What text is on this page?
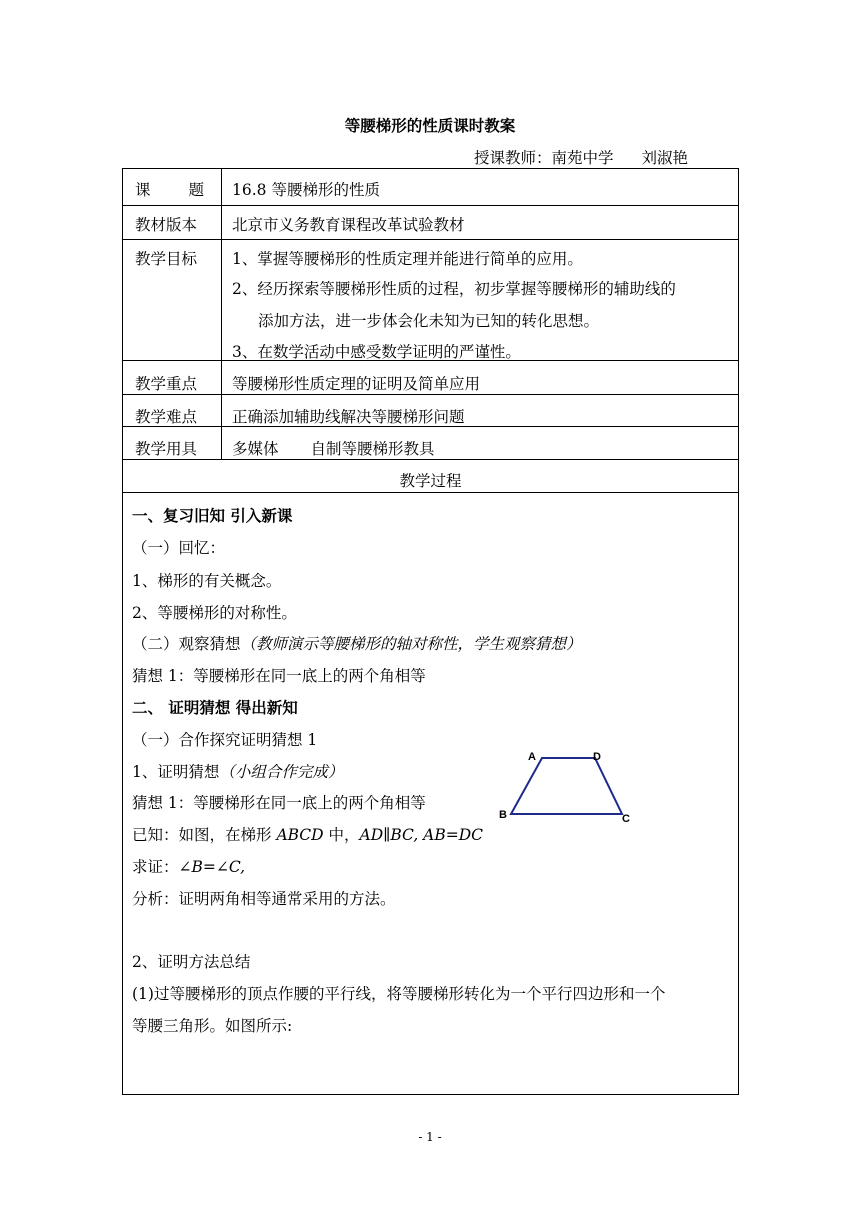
等腰梯形的性质课时教案
授课教师：南苑中学 刘淑艳
课 题 16.8 等腰梯形的性质
教材版本 北京市义务教育课程改革试验教材
教学目标 1、掌握等腰梯形的性质定理并能进行简单的应用。
2、经历探索等腰梯形性质的过程，初步掌握等腰梯形的辅助线的
添加方法，进一步体会化未知为已知的转化思想。
3、在数学活动中感受数学证明的严谨性。
教学重点 等腰梯形性质定理的证明及简单应用
教学难点 正确添加辅助线解决等腰梯形问题
教学用具 多媒体 自制等腰梯形教具
教学过程
一、复习旧知 引入新课
（一）回忆：
1、梯形的有关概念。
2、等腰梯形的对称性。
（二）观察猜想（教师演示等腰梯形的轴对称性，学生观察猜想）
猜想 1：等腰梯形在同一底上的两个角相等
二、 证明猜想 得出新知
（一）合作探究证明猜想 1
1、证明猜想（小组合作完成）
猜想 1：等腰梯形在同一底上的两个角相等
已知：如图，在梯形 ABCD 中，AD∥BC, AB=DC
求证：∠B=∠C,
分析：证明两角相等通常采用的方法。
2、证明方法总结
(1)过等腰梯形的顶点作腰的平行线，将等腰梯形转化为一个平行四边形和一个
等腰三角形。如图所示:
A	D
B	C
- 1 -
